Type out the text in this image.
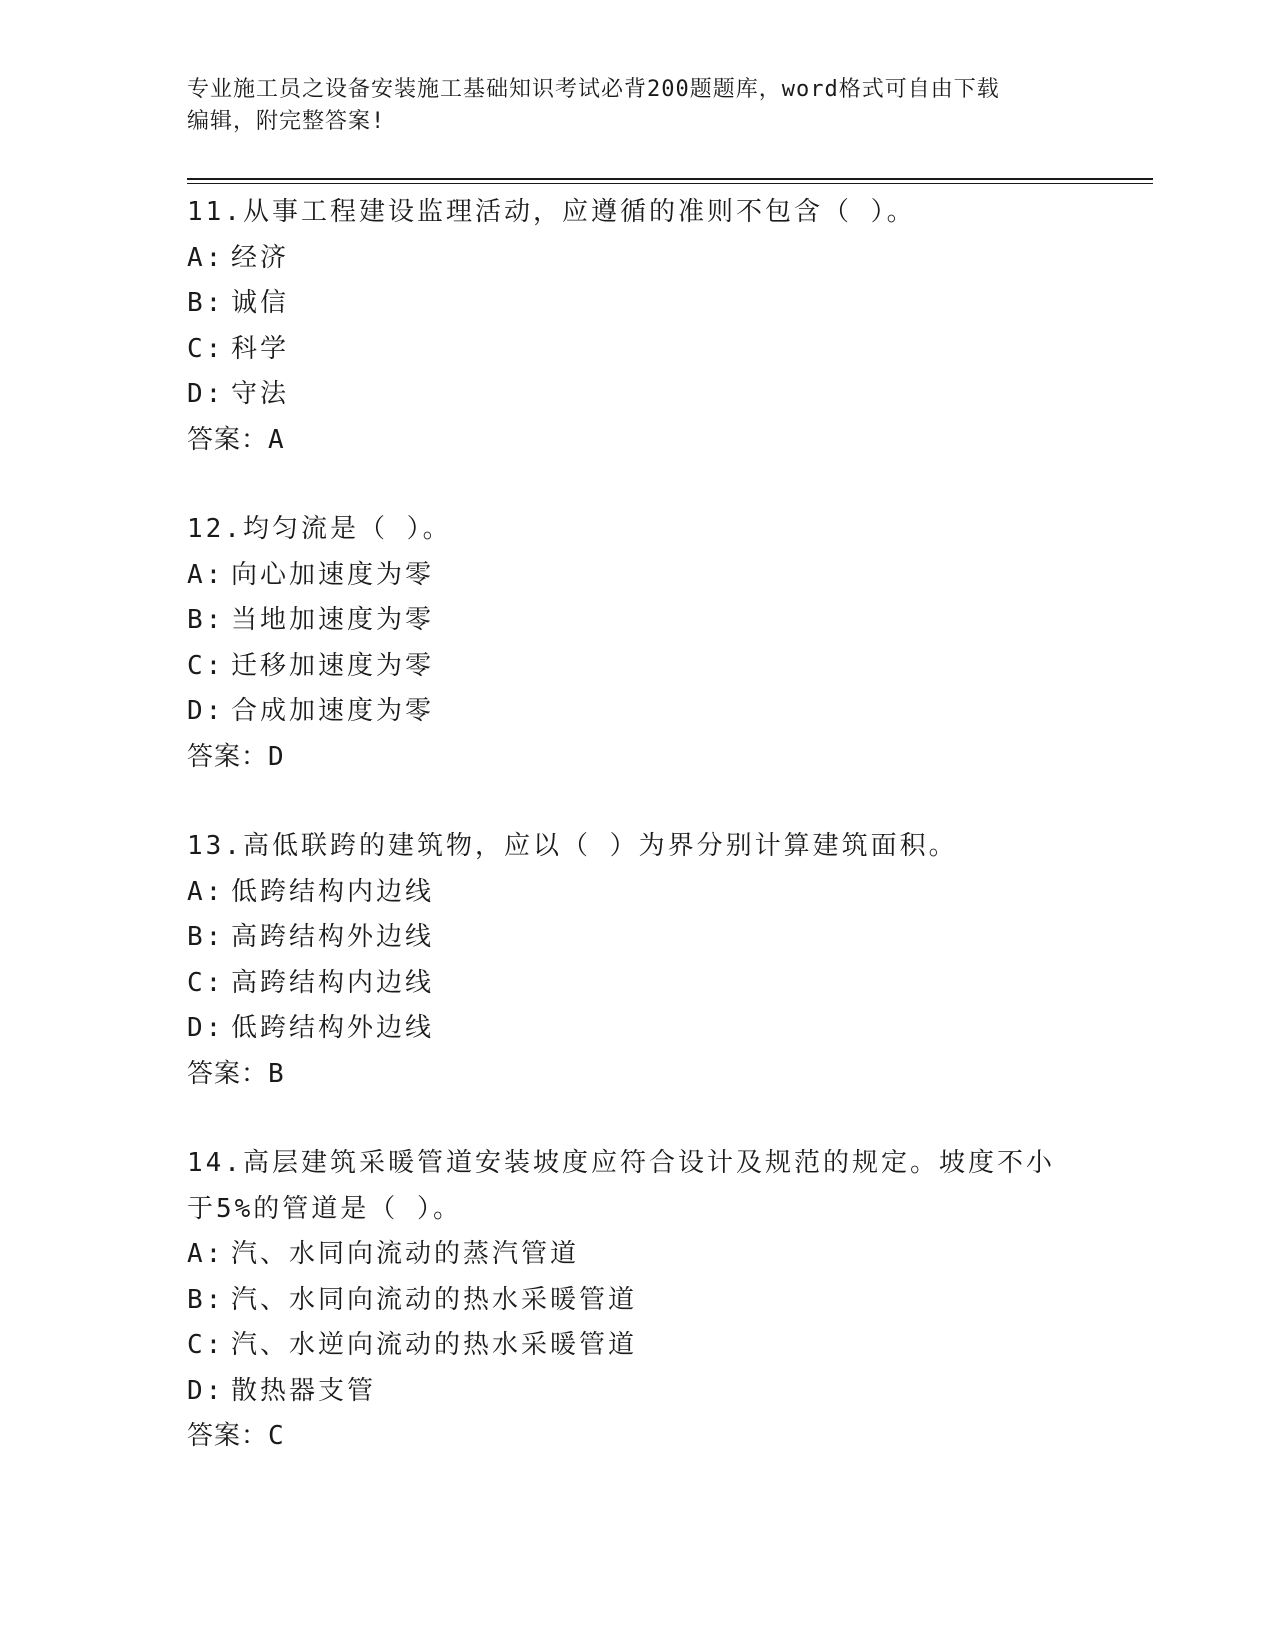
专业施工员之设备安装施工基础知识考试必背200题题库，word格式可自由下载
编辑，附完整答案!
11.从事工程建设监理活动，应遵循的准则不包含（ ）。
A: 经济
B: 诚信
C: 科学
D: 守法
答案：A
12.均匀流是（ ）。
A: 向心加速度为零
B: 当地加速度为零
C: 迁移加速度为零
D: 合成加速度为零
答案：D
13.高低联跨的建筑物，应以（ ）为界分别计算建筑面积。
A: 低跨结构内边线
B: 高跨结构外边线
C: 高跨结构内边线
D: 低跨结构外边线
答案：B
14.高层建筑采暖管道安装坡度应符合设计及规范的规定。坡度不小于5%的管道是（ ）。
A: 汽、水同向流动的蒸汽管道
B: 汽、水同向流动的热水采暖管道
C: 汽、水逆向流动的热水采暖管道
D: 散热器支管
答案：C
